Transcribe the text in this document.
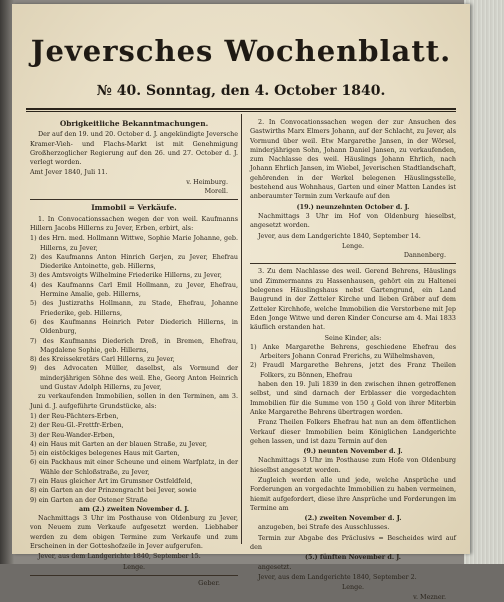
Jeversches Wochenblatt.
№ 40. Sonntag, den 4. October 1840.
Obrigkeitliche Bekanntmachungen.
Der auf den 19. und 20. October d. J. angekündigte Jeversche Kramer-Vieh- und Flachs-Markt ist mit Genehmigung Großherzoglicher Regierung auf den 26. und 27. October d. J. verlegt worden.
Amt Jever 1840, Juli 11.
v. Heimburg.
Morell.
Immobil = Verkäufe.
1. In Convocationssachen wegen der von weil. Kaufmanns Hillern Jacobs Hillerns zu Jever, Erben, erbirt, als:
1) des Hrn. med. Hollmann Wittwe, Sophie Marie Johanne, geb. Hillerns, zu Jever,
2) des Kaufmanns Anton Hinrich Gerjen, zu Jever, Ehefrau Diederike Antoinette, geb. Hillerns,
3) des Amtsvoigts Wilhelmine Friederike Hillerns, zu Jever,
4) des Kaufmanns Carl Emil Hollmann, zu Jever, Ehefrau, Hermine Amalie, geb. Hillerns,
5) des Justizraths Hollmann, zu Stade, Ehefrau, Johanne Friederike, geb. Hillerns,
6) des Kaufmanns Heinrich Peter Diederich Hillerns, in Oldenburg,
7) des Kaufmanns Diederich Dreß, in Bremen, Ehefrau, Magdalene Sophie, geb. Hillerns,
8) des Kreissekretärs Carl Hillerns, zu Jever,
9) des Advocaten Müller, daselbst, als Vormund der minderjährigen Söhne des weil. Ehe, Georg Anton Heinrich und Gustav Adolph Hillerns, zu Jever,
zu verkaufenden Immobilien, sollen in den Terminen, am 3. Juni d. J. aufgeführte Grundstücke, als:
1) der Reu-Pächters-Erben,
2) der Reu-Gl.-Frettfr-Erben,
3) der Reu-Wander-Erben,
4) ein Haus mit Garten an der blauen Straße, zu Jever,
5) ein eistöckiges belegenes Haus mit Garten,
6) ein Packhaus mit einer Scheune und einem Warfplatz, in der Wähle der Schloßstraße, zu Jever,
7) ein Haus gleicher Art im Grumsner Ostfeldfeld,
8) ein Garten an der Prinzengracht bei Jever, sowie
9) ein Garten an der Ostener Straße
am (2.) zweiten November d. J.
Nachmittags 3 Uhr im Posthause von Oldenburg zu Jever, von Neuem zum Verkaufe aufgesetzt werden. Liebhaber werden zu dem obigen Termine zum Verkaufe und zum Erscheinen in der Gotteshofzeile in Jever aufgerufen.
Jever, aus dem Landgerichte 1840, September 15.
Lenge.
Geber.
2. In Convocationssachen wegen der zur Ansuchen des Gastwirths Marx Elmers Johann, auf der Schlacht, zu Jever, als Vormund über weil. Etw Margarethe Jansen, in der Wörsel, minderjährigen Sohn, Johann Daniel Jansen, zu verkaufenden, zum Nachlasse des weil. Häuslings Johann Ehrlich, nach Johann Ehrlich Jansen, im Wiebel, Jeverischen Stadtlandschaft, gehörenden in der Werkel belegenen Häuslingsstelle, bestehend aus Wohnhaus, Garten und einer Matten Landes ist anberaumter Termin zum Verkaufe auf den
(19.) neunzehnten October d. J.
Nachmittags 3 Uhr im Hof von Oldenburg hieselbst, angesetzt worden.
Jever, aus dem Landgerichte 1840, September 14.
Lenge.
Dannenberg.
3. Zu dem Nachlasse des weil. Gerend Behrens, Häuslings und Zimmermanns zu Hassenhausen, gehört ein zu Haltenei belegenes Häuslingshaus nebst Gartengrund, ein Land Baugrund in der Zetteler Kirche und lieben Gräber auf dem Zetteler Kirchhofe, welche Immobilien die Verstorbene mit Jep Eden Jonge Witwe und deren Kinder Concurse am 4. Mai 1833 käuflich erstanden hat.
Seine Kinder, als:
1) Anke Margarethe Behrens, geschiedene Ehefrau des Arbeiters Johann Conrad Frerichs, zu Wilhelmshaven,
2) Fraudl Margarethe Behrens, jetzt des Franz Theilen Folkers, zu Bönnen, Ehefrau
haben den 19. Juli 1839 in den zwischen ihnen getroffenen selbst, und sind darnach der Erblasser die vorgedachten Immobilien für die Summe von 150 ₰ Gold von ihrer Miterbin Anke Margarethe Behrens übertragen worden.
Franz Theilen Folkers Ehefrau hat nun an dem öffentlichen Verkauf dieser Immobilien beim Königlichen Landgerichte gehen lassen, und ist dazu Termin auf den
(9.) neunten November d. J.
Nachmittags 3 Uhr im Posthause zum Hofe von Oldenburg hieselbst angesetzt worden.
Zugleich werden alle und jede, welche Ansprüche und Forderungen an vorgedachte Immobilien zu haben vermeinen, hiemit aufgefordert, diese ihre Ansprüche und Forderungen im Termine am
(2.) zweiten November d. J.
anzugeben, bei Strafe des Ausschlusses.
Termin zur Abgabe des Präclusivs = Bescheides wird auf den
(5.) fünften November d. J.
angesetzt.
Jever, aus dem Landgerichte 1840, September 2.
Lenge.
v. Mezner.
